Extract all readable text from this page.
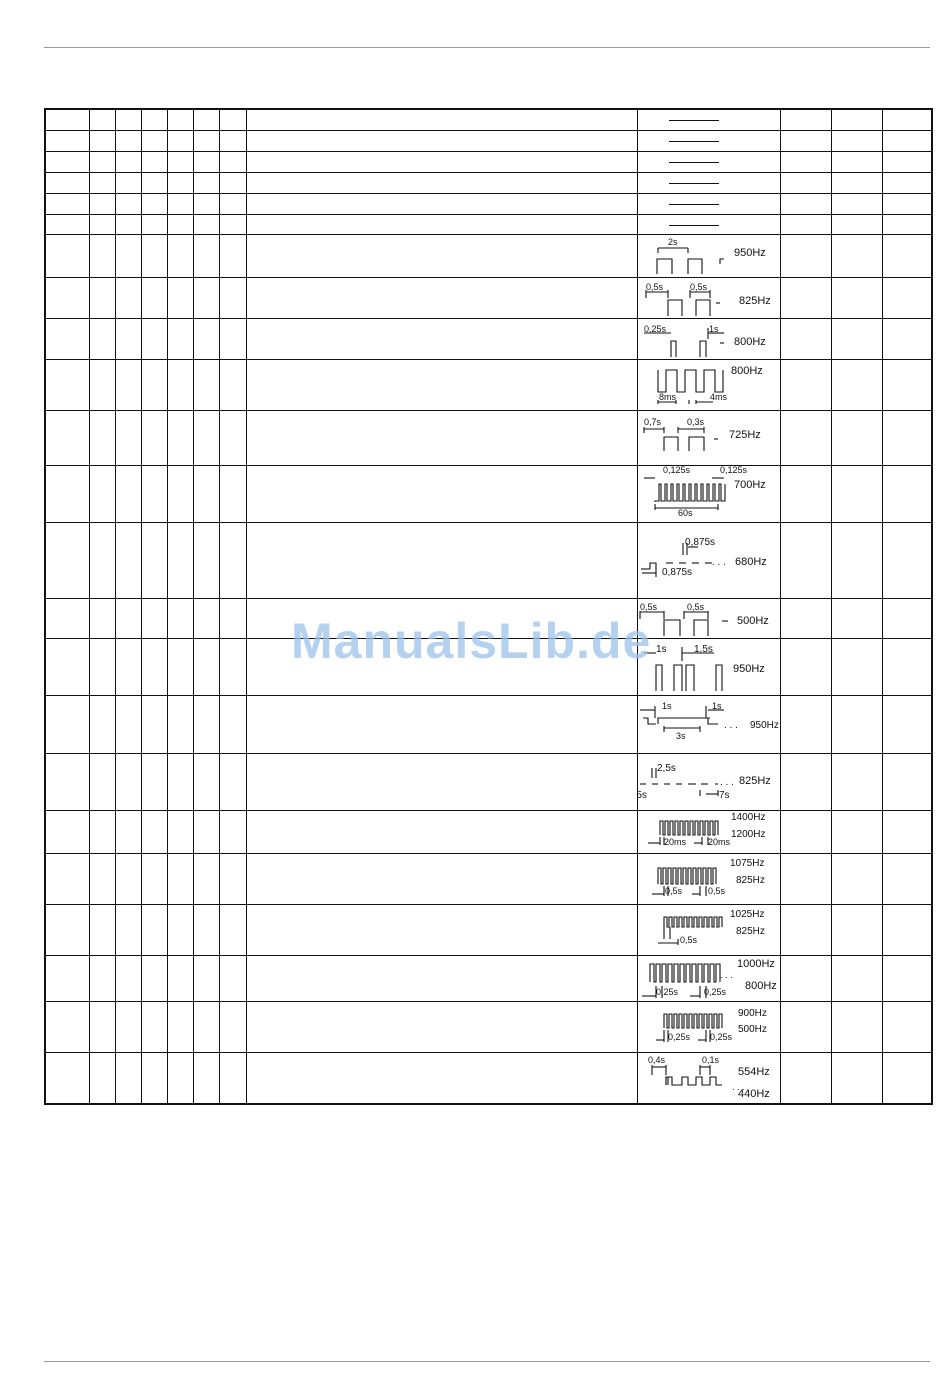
2s
950Hz			

0,5s 0,5s
825Hz			

0,25s 1s
800Hz			

800Hz
8ms 4ms			

0,7s 0,3s
725Hz			

0,125s 0,125s
700Hz
60s			

0,875s
0,875s
. . . 680Hz			

0,5s 0,5s
500Hz			

1s 1,5s
950Hz			

1s 1s
3s
. . . 950Hz			

2,5s
2,5s 7s
. . . 825Hz			

1400Hz
1200Hz
20ms 20ms			

1075Hz
825Hz
0,5s 0,5s			

1025Hz
825Hz
0,5s			

1000Hz
800Hz
0,25s 0,25s
. . .			

900Hz
500Hz
0,25s 0,25s			

0,4s 0,1s
554Hz
440Hz
. . .			

ManualsLib.de
